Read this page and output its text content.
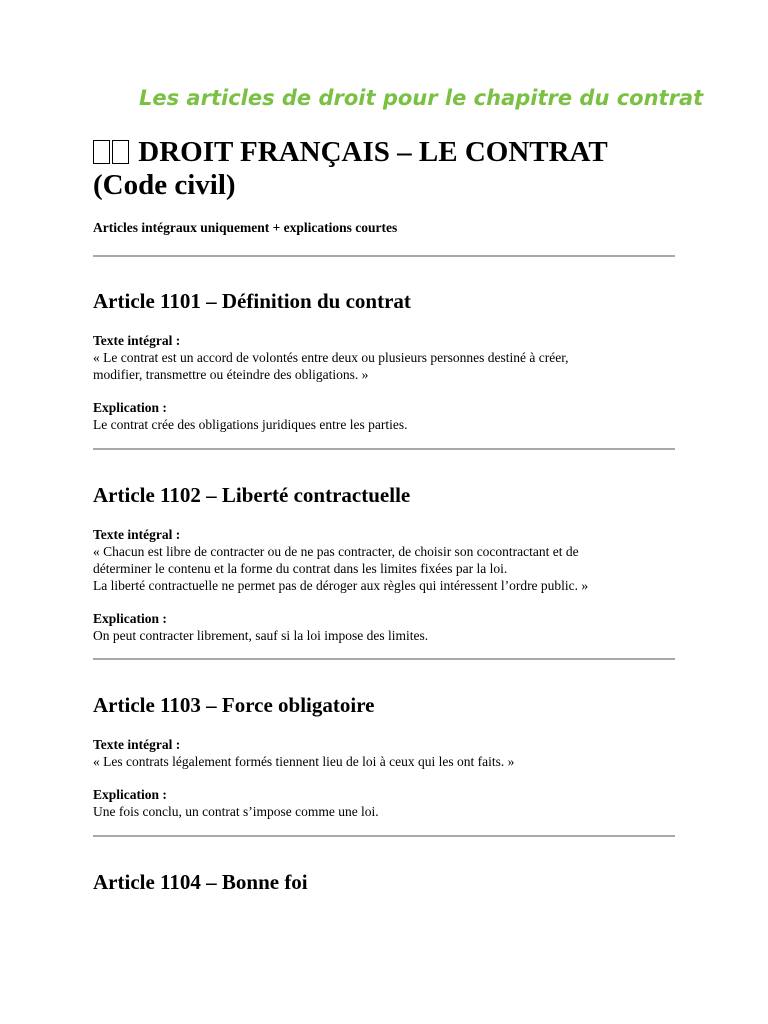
Les articles de droit pour le chapitre du contrat
DROIT FRANÇAIS – LE CONTRAT
(Code civil)

Articles intégraux uniquement + explications courtes

Article 1101 – Définition du contrat

Texte intégral :

« Le contrat est un accord de volontés entre deux ou plusieurs personnes destiné à créer,

modifier, transmettre ou éteindre des obligations. »

Explication :

Le contrat crée des obligations juridiques entre les parties.

Article 1102 – Liberté contractuelle

Texte intégral :

« Chacun est libre de contracter ou de ne pas contracter, de choisir son cocontractant et de

déterminer le contenu et la forme du contrat dans les limites fixées par la loi.

La liberté contractuelle ne permet pas de déroger aux règles qui intéressent l’ordre public. »

Explication :

On peut contracter librement, sauf si la loi impose des limites.

Article 1103 – Force obligatoire

Texte intégral :

« Les contrats légalement formés tiennent lieu de loi à ceux qui les ont faits. »

Explication :

Une fois conclu, un contrat s’impose comme une loi.

Article 1104 – Bonne foi
